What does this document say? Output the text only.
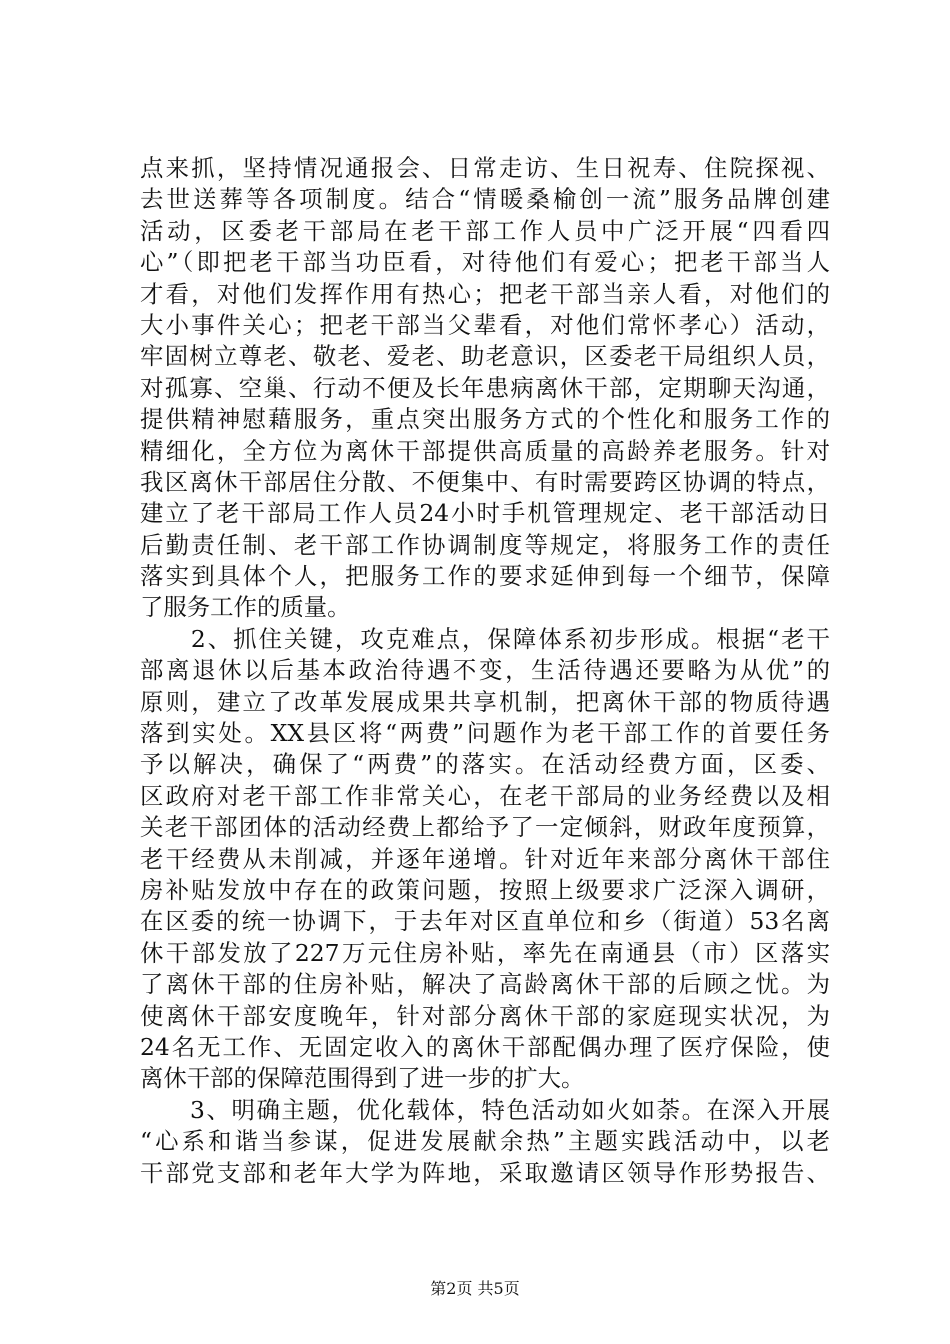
点来抓，坚持情况通报会、日常走访、生日祝寿、住院探视、
去世送葬等各项制度。结合“情暖桑榆创一流”服务品牌创建
活动，区委老干部局在老干部工作人员中广泛开展“四看四
心”（即把老干部当功臣看，对待他们有爱心；把老干部当人
才看，对他们发挥作用有热心；把老干部当亲人看，对他们的
大小事件关心；把老干部当父辈看，对他们常怀孝心）活动，
牢固树立尊老、敬老、爱老、助老意识，区委老干局组织人员，
对孤寡、空巢、行动不便及长年患病离休干部，定期聊天沟通，
提供精神慰藉服务，重点突出服务方式的个性化和服务工作的
精细化，全方位为离休干部提供高质量的高龄养老服务。针对
我区离休干部居住分散、不便集中、有时需要跨区协调的特点，
建立了老干部局工作人员24小时手机管理规定、老干部活动日
后勤责任制、老干部工作协调制度等规定，将服务工作的责任
落实到具体个人，把服务工作的要求延伸到每一个细节，保障
了服务工作的质量。
　　2、抓住关键，攻克难点，保障体系初步形成。根据“老干
部离退休以后基本政治待遇不变，生活待遇还要略为从优”的
原则，建立了改革发展成果共享机制，把离休干部的物质待遇
落到实处。XX县区将“两费”问题作为老干部工作的首要任务
予以解决，确保了“两费”的落实。在活动经费方面，区委、
区政府对老干部工作非常关心，在老干部局的业务经费以及相
关老干部团体的活动经费上都给予了一定倾斜，财政年度预算，
老干经费从未削减，并逐年递增。针对近年来部分离休干部住
房补贴发放中存在的政策问题，按照上级要求广泛深入调研，
在区委的统一协调下，于去年对区直单位和乡（街道）53名离
休干部发放了227万元住房补贴，率先在南通县（市）区落实
了离休干部的住房补贴，解决了高龄离休干部的后顾之忧。为
使离休干部安度晚年，针对部分离休干部的家庭现实状况，为
24名无工作、无固定收入的离休干部配偶办理了医疗保险，使
离休干部的保障范围得到了进一步的扩大。
　　3、明确主题，优化载体，特色活动如火如荼。在深入开展
“心系和谐当参谋，促进发展献余热”主题实践活动中，以老
干部党支部和老年大学为阵地，采取邀请区领导作形势报告、
第2页 共5页
